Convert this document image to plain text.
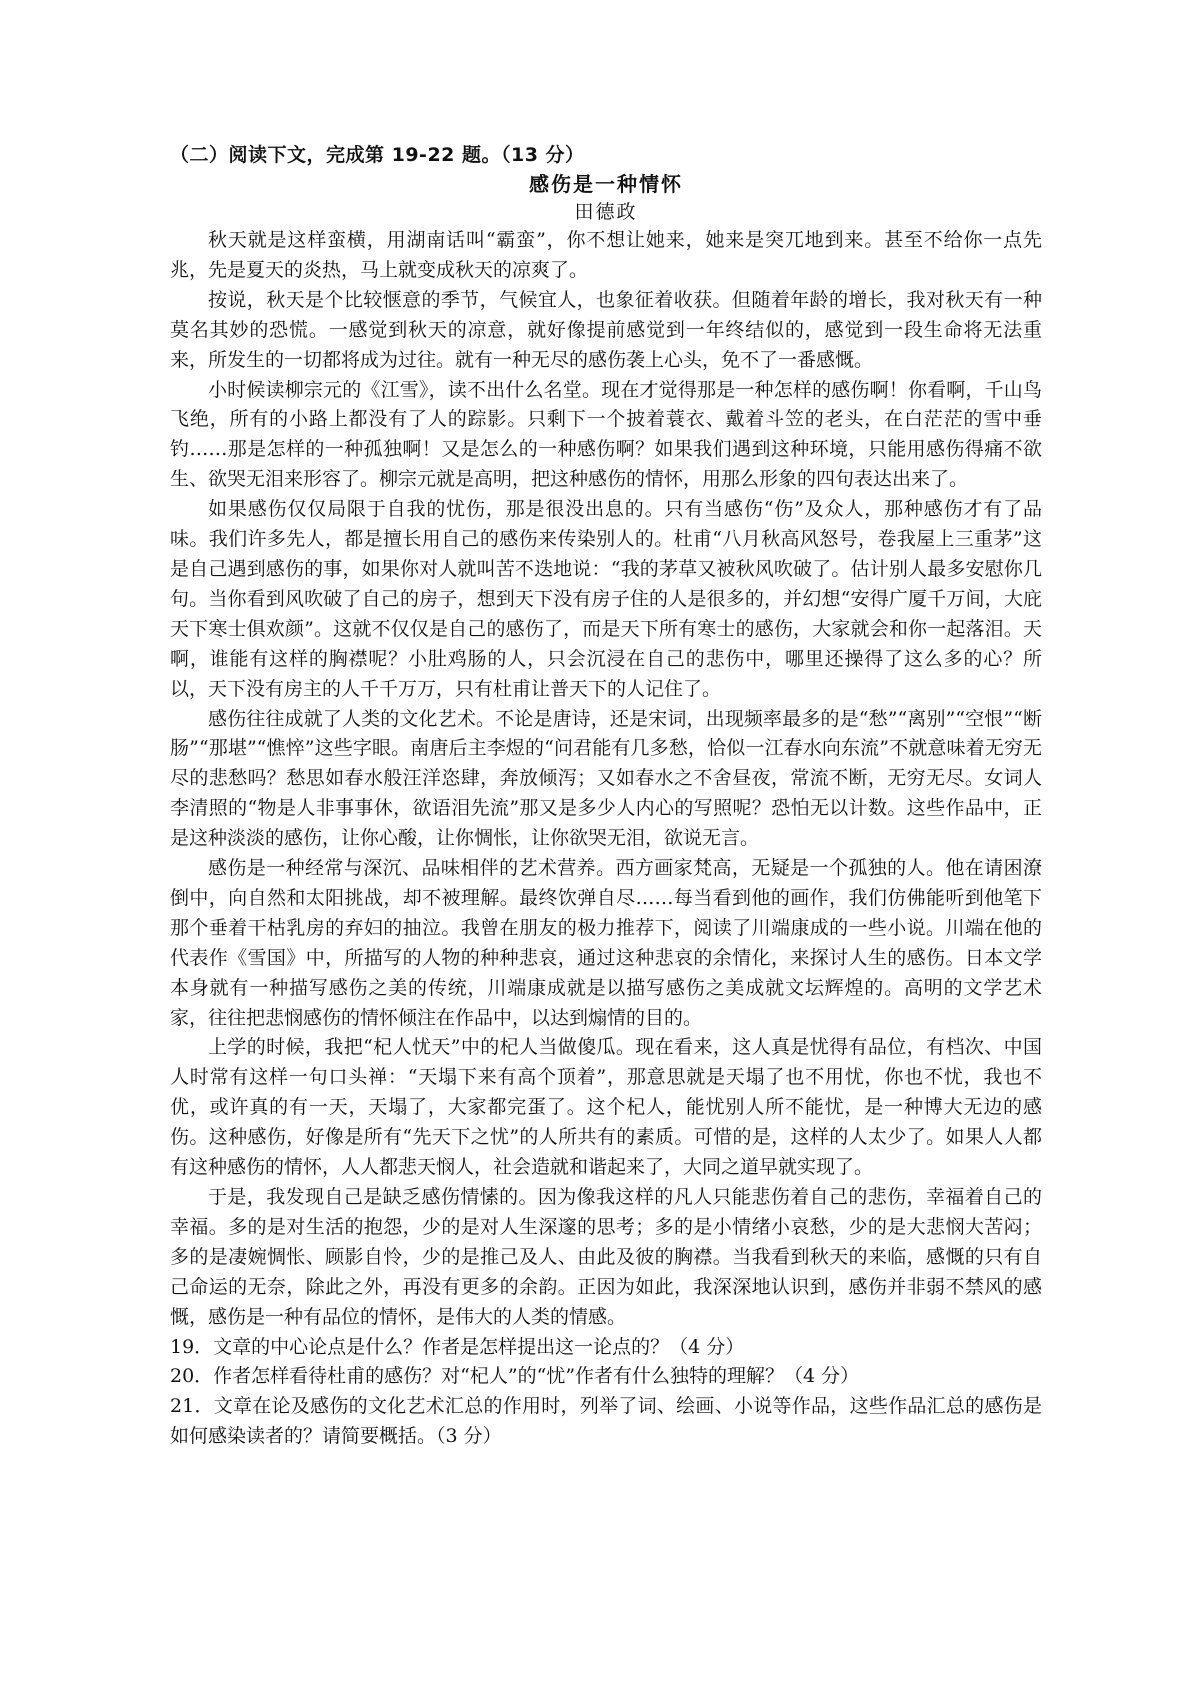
（二）阅读下文，完成第 19-22 题。（13 分）
感伤是一种情怀
田德政

秋天就是这样蛮横，用湖南话叫“霸蛮”，你不想让她来，她来是突兀地到来。甚至不给你一点先兆，先是夏天的炎热，马上就变成秋天的凉爽了。

按说，秋天是个比较惬意的季节，气候宜人，也象征着收获。但随着年龄的增长，我对秋天有一种莫名其妙的恐慌。一感觉到秋天的凉意，就好像提前感觉到一年终结似的，感觉到一段生命将无法重来，所发生的一切都将成为过往。就有一种无尽的感伤袭上心头，免不了一番感慨。

小时候读柳宗元的《江雪》，读不出什么名堂。现在才觉得那是一种怎样的感伤啊！你看啊，千山鸟飞绝，所有的小路上都没有了人的踪影。只剩下一个披着蓑衣、戴着斗笠的老头，在白茫茫的雪中垂钓……那是怎样的一种孤独啊！又是怎么的一种感伤啊？如果我们遇到这种环境，只能用感伤得痛不欲生、欲哭无泪来形容了。柳宗元就是高明，把这种感伤的情怀，用那么形象的四句表达出来了。

如果感伤仅仅局限于自我的忧伤，那是很没出息的。只有当感伤“伤”及众人，那种感伤才有了品味。我们许多先人，都是擅长用自己的感伤来传染别人的。杜甫“八月秋高风怒号，卷我屋上三重茅”这是自己遇到感伤的事，如果你对人就叫苦不迭地说：“我的茅草又被秋风吹破了。估计别人最多安慰你几句。当你看到风吹破了自己的房子，想到天下没有房子住的人是很多的，并幻想“安得广厦千万间，大庇天下寒士俱欢颜”。这就不仅仅是自己的感伤了，而是天下所有寒士的感伤，大家就会和你一起落泪。天啊，谁能有这样的胸襟呢？小肚鸡肠的人，只会沉浸在自己的悲伤中，哪里还操得了这么多的心？所以，天下没有房主的人千千万万，只有杜甫让普天下的人记住了。

感伤往往成就了人类的文化艺术。不论是唐诗，还是宋词，出现频率最多的是“愁”“离别”“空恨”“断肠”“那堪”“憔悴”这些字眼。南唐后主李煜的“问君能有几多愁，恰似一江春水向东流”不就意味着无穷无尽的悲愁吗？愁思如春水般汪洋恣肆，奔放倾泻；又如春水之不舍昼夜，常流不断，无穷无尽。女词人李清照的“物是人非事事休，欲语泪先流”那又是多少人内心的写照呢？恐怕无以计数。这些作品中，正是这种淡淡的感伤，让你心酸，让你惆怅，让你欲哭无泪，欲说无言。

感伤是一种经常与深沉、品味相伴的艺术营养。西方画家梵高，无疑是一个孤独的人。他在请困潦倒中，向自然和太阳挑战，却不被理解。最终饮弹自尽……每当看到他的画作，我们仿佛能听到他笔下那个垂着干枯乳房的弃妇的抽泣。我曾在朋友的极力推荐下，阅读了川端康成的一些小说。川端在他的代表作《雪国》中，所描写的人物的种种悲哀，通过这种悲哀的余情化，来探讨人生的感伤。日本文学本身就有一种描写感伤之美的传统，川端康成就是以描写感伤之美成就文坛辉煌的。高明的文学艺术家，往往把悲悯感伤的情怀倾注在作品中，以达到煽情的目的。

上学的时候，我把“杞人忧天”中的杞人当做傻瓜。现在看来，这人真是忧得有品位，有档次、中国人时常有这样一句口头禅：“天塌下来有高个顶着”，那意思就是天塌了也不用忧，你也不忧，我也不优，或许真的有一天，天塌了，大家都完蛋了。这个杞人，能忧别人所不能忧，是一种博大无边的感伤。这种感伤，好像是所有“先天下之忧”的人所共有的素质。可惜的是，这样的人太少了。如果人人都有这种感伤的情怀，人人都悲天悯人，社会造就和谐起来了，大同之道早就实现了。

于是，我发现自己是缺乏感伤情愫的。因为像我这样的凡人只能悲伤着自己的悲伤，幸福着自己的幸福。多的是对生活的抱怨，少的是对人生深邃的思考；多的是小情绪小哀愁，少的是大悲悯大苦闷；多的是凄婉惆怅、顾影自怜，少的是推己及人、由此及彼的胸襟。当我看到秋天的来临，感慨的只有自己命运的无奈，除此之外，再没有更多的余韵。正因为如此，我深深地认识到，感伤并非弱不禁风的感慨，感伤是一种有品位的情怀，是伟大的人类的情感。

19．文章的中心论点是什么？作者是怎样提出这一论点的？（4 分）

20．作者怎样看待杜甫的感伤？对“杞人”的“忧”作者有什么独特的理解？（4 分）

21．文章在论及感伤的文化艺术汇总的作用时，列举了词、绘画、小说等作品，这些作品汇总的感伤是如何感染读者的？请简要概括。（3 分）
